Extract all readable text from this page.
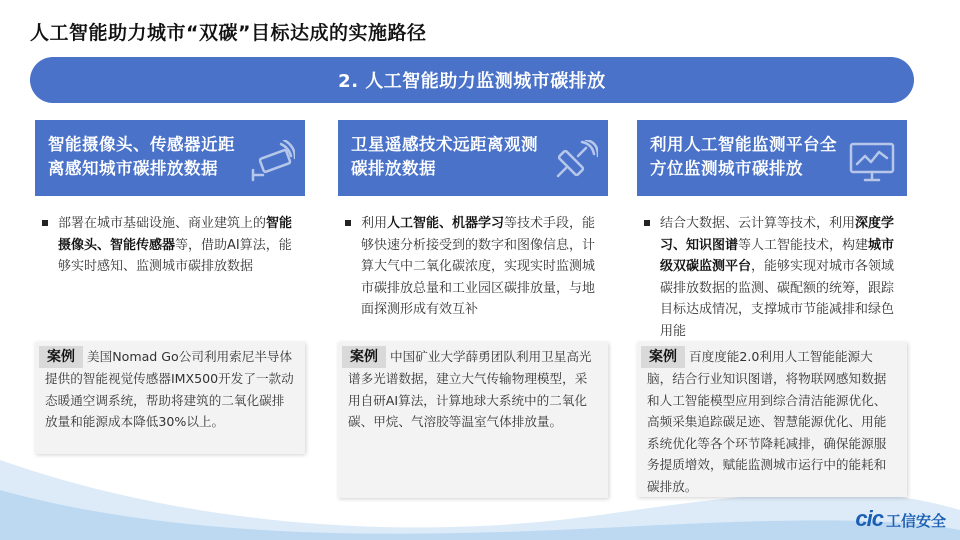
人工智能助力城市“双碳”目标达成的实施路径
2. 人工智能助力监测城市碳排放
智能摄像头、传感器近距离感知城市碳排放数据
部署在城市基础设施、商业建筑上的智能摄像头、智能传感器等，借助AI算法，能够实时感知、监测城市碳排放数据
案例 美国Nomad Go公司利用索尼半导体提供的智能视觉传感器IMX500开发了一款动态暖通空调系统，帮助将建筑的二氧化碳排放量和能源成本降低30%以上。
卫星遥感技术远距离观测碳排放数据
利用人工智能、机器学习等技术手段，能够快速分析接受到的数字和图像信息，计算大气中二氧化碳浓度，实现实时监测城市碳排放总量和工业园区碳排放量，与地面探测形成有效互补
案例 中国矿业大学薛勇团队利用卫星高光谱多光谱数据，建立大气传输物理模型，采用自研AI算法，计算地球大系统中的二氧化碳、甲烷、气溶胶等温室气体排放量。
利用人工智能监测平台全方位监测城市碳排放
结合大数据、云计算等技术，利用深度学习、知识图谱等人工智能技术，构建城市级双碳监测平台，能够实现对城市各领域碳排放数据的监测、碳配额的统筹，跟踪目标达成情况，支撑城市节能减排和绿色用能
案例 百度度能2.0利用人工智能能源大脑，结合行业知识图谱，将物联网感知数据和人工智能模型应用到综合清洁能源优化、高频采集追踪碳足迹、智慧能源优化、用能系统优化等各个环节降耗减排，确保能源服务提质增效，赋能监测城市运行中的能耗和碳排放。
cic 工信安全
